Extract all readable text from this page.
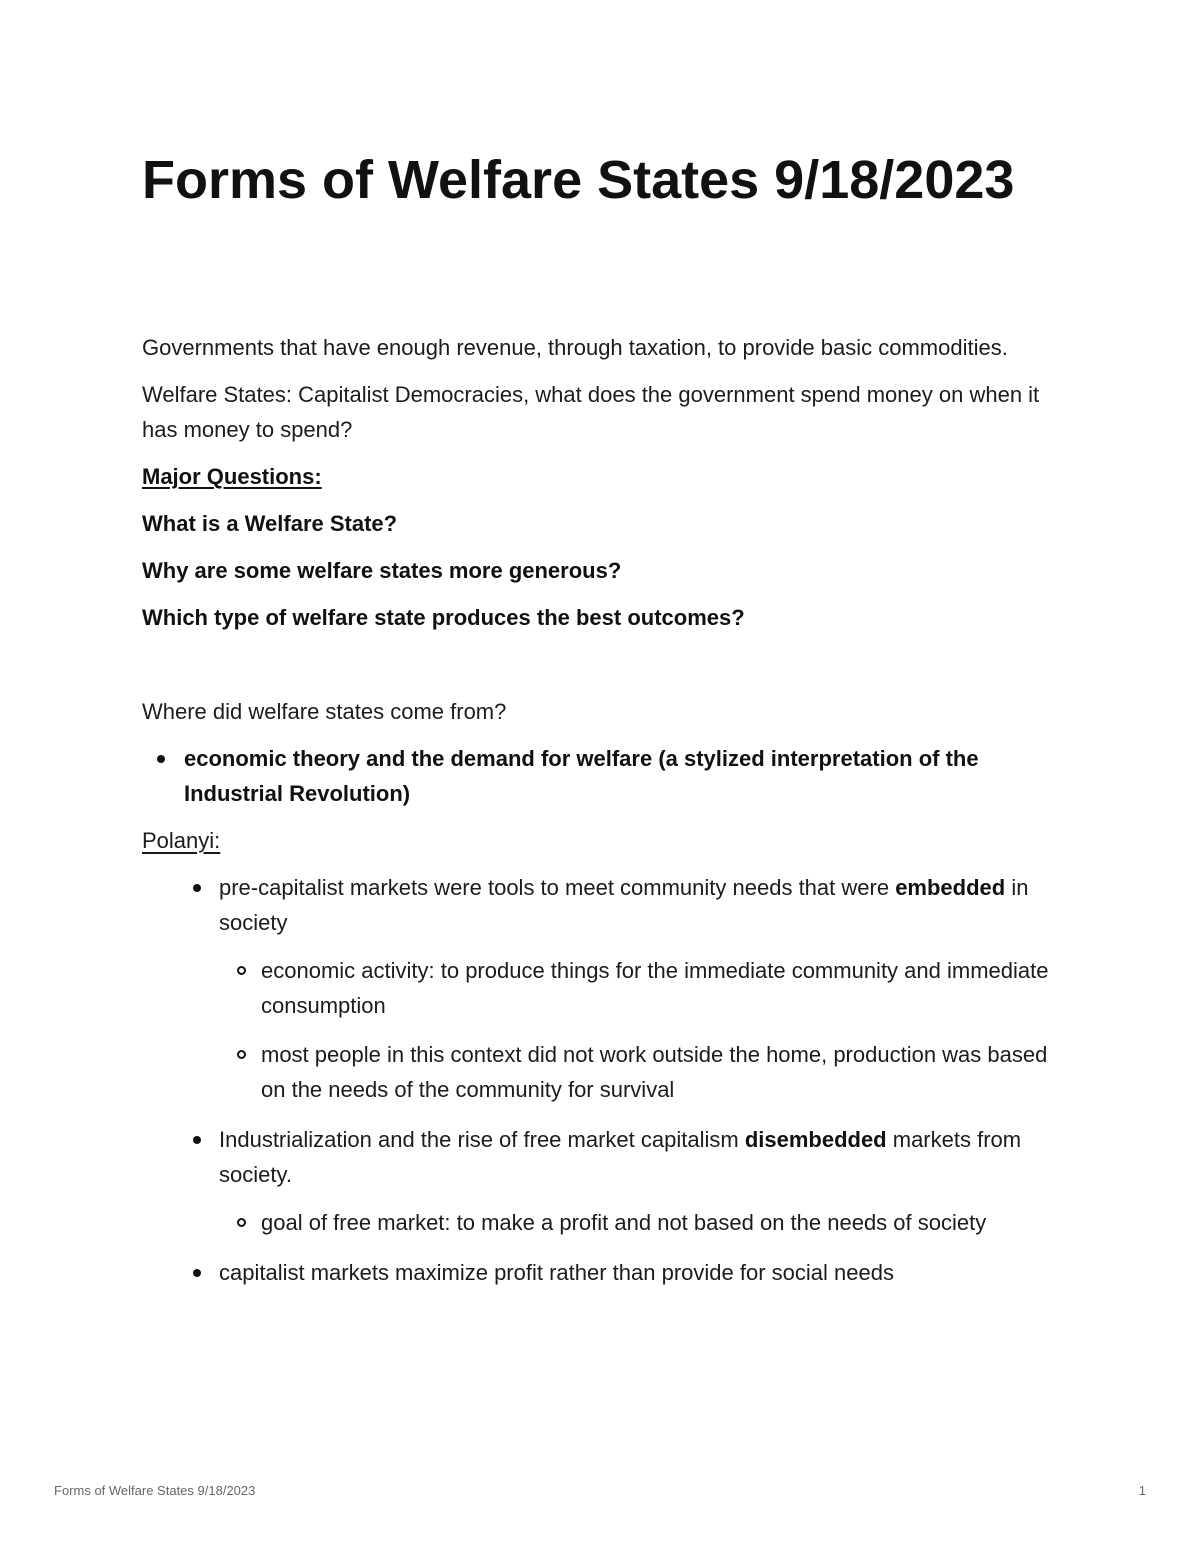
Forms of Welfare States 9/18/2023

Governments that have enough revenue, through taxation, to provide basic commodities.

Welfare States: Capitalist Democracies, what does the government spend money on when it has money to spend?

Major Questions:

What is a Welfare State?

Why are some welfare states more generous?

Which type of welfare state produces the best outcomes?

Where did welfare states come from?

economic theory and the demand for welfare (a stylized interpretation of the Industrial Revolution)
Polanyi:
pre-capitalist markets were tools to meet community needs that were embedded in society
economic activity: to produce things for the immediate community and immediate consumption
most people in this context did not work outside the home, production was based on the needs of the community for survival
Industrialization and the rise of free market capitalism disembedded markets from society.
goal of free market: to make a profit and not based on the needs of society
capitalist markets maximize profit rather than provide for social needs
Forms of Welfare States 9/18/2023	1
